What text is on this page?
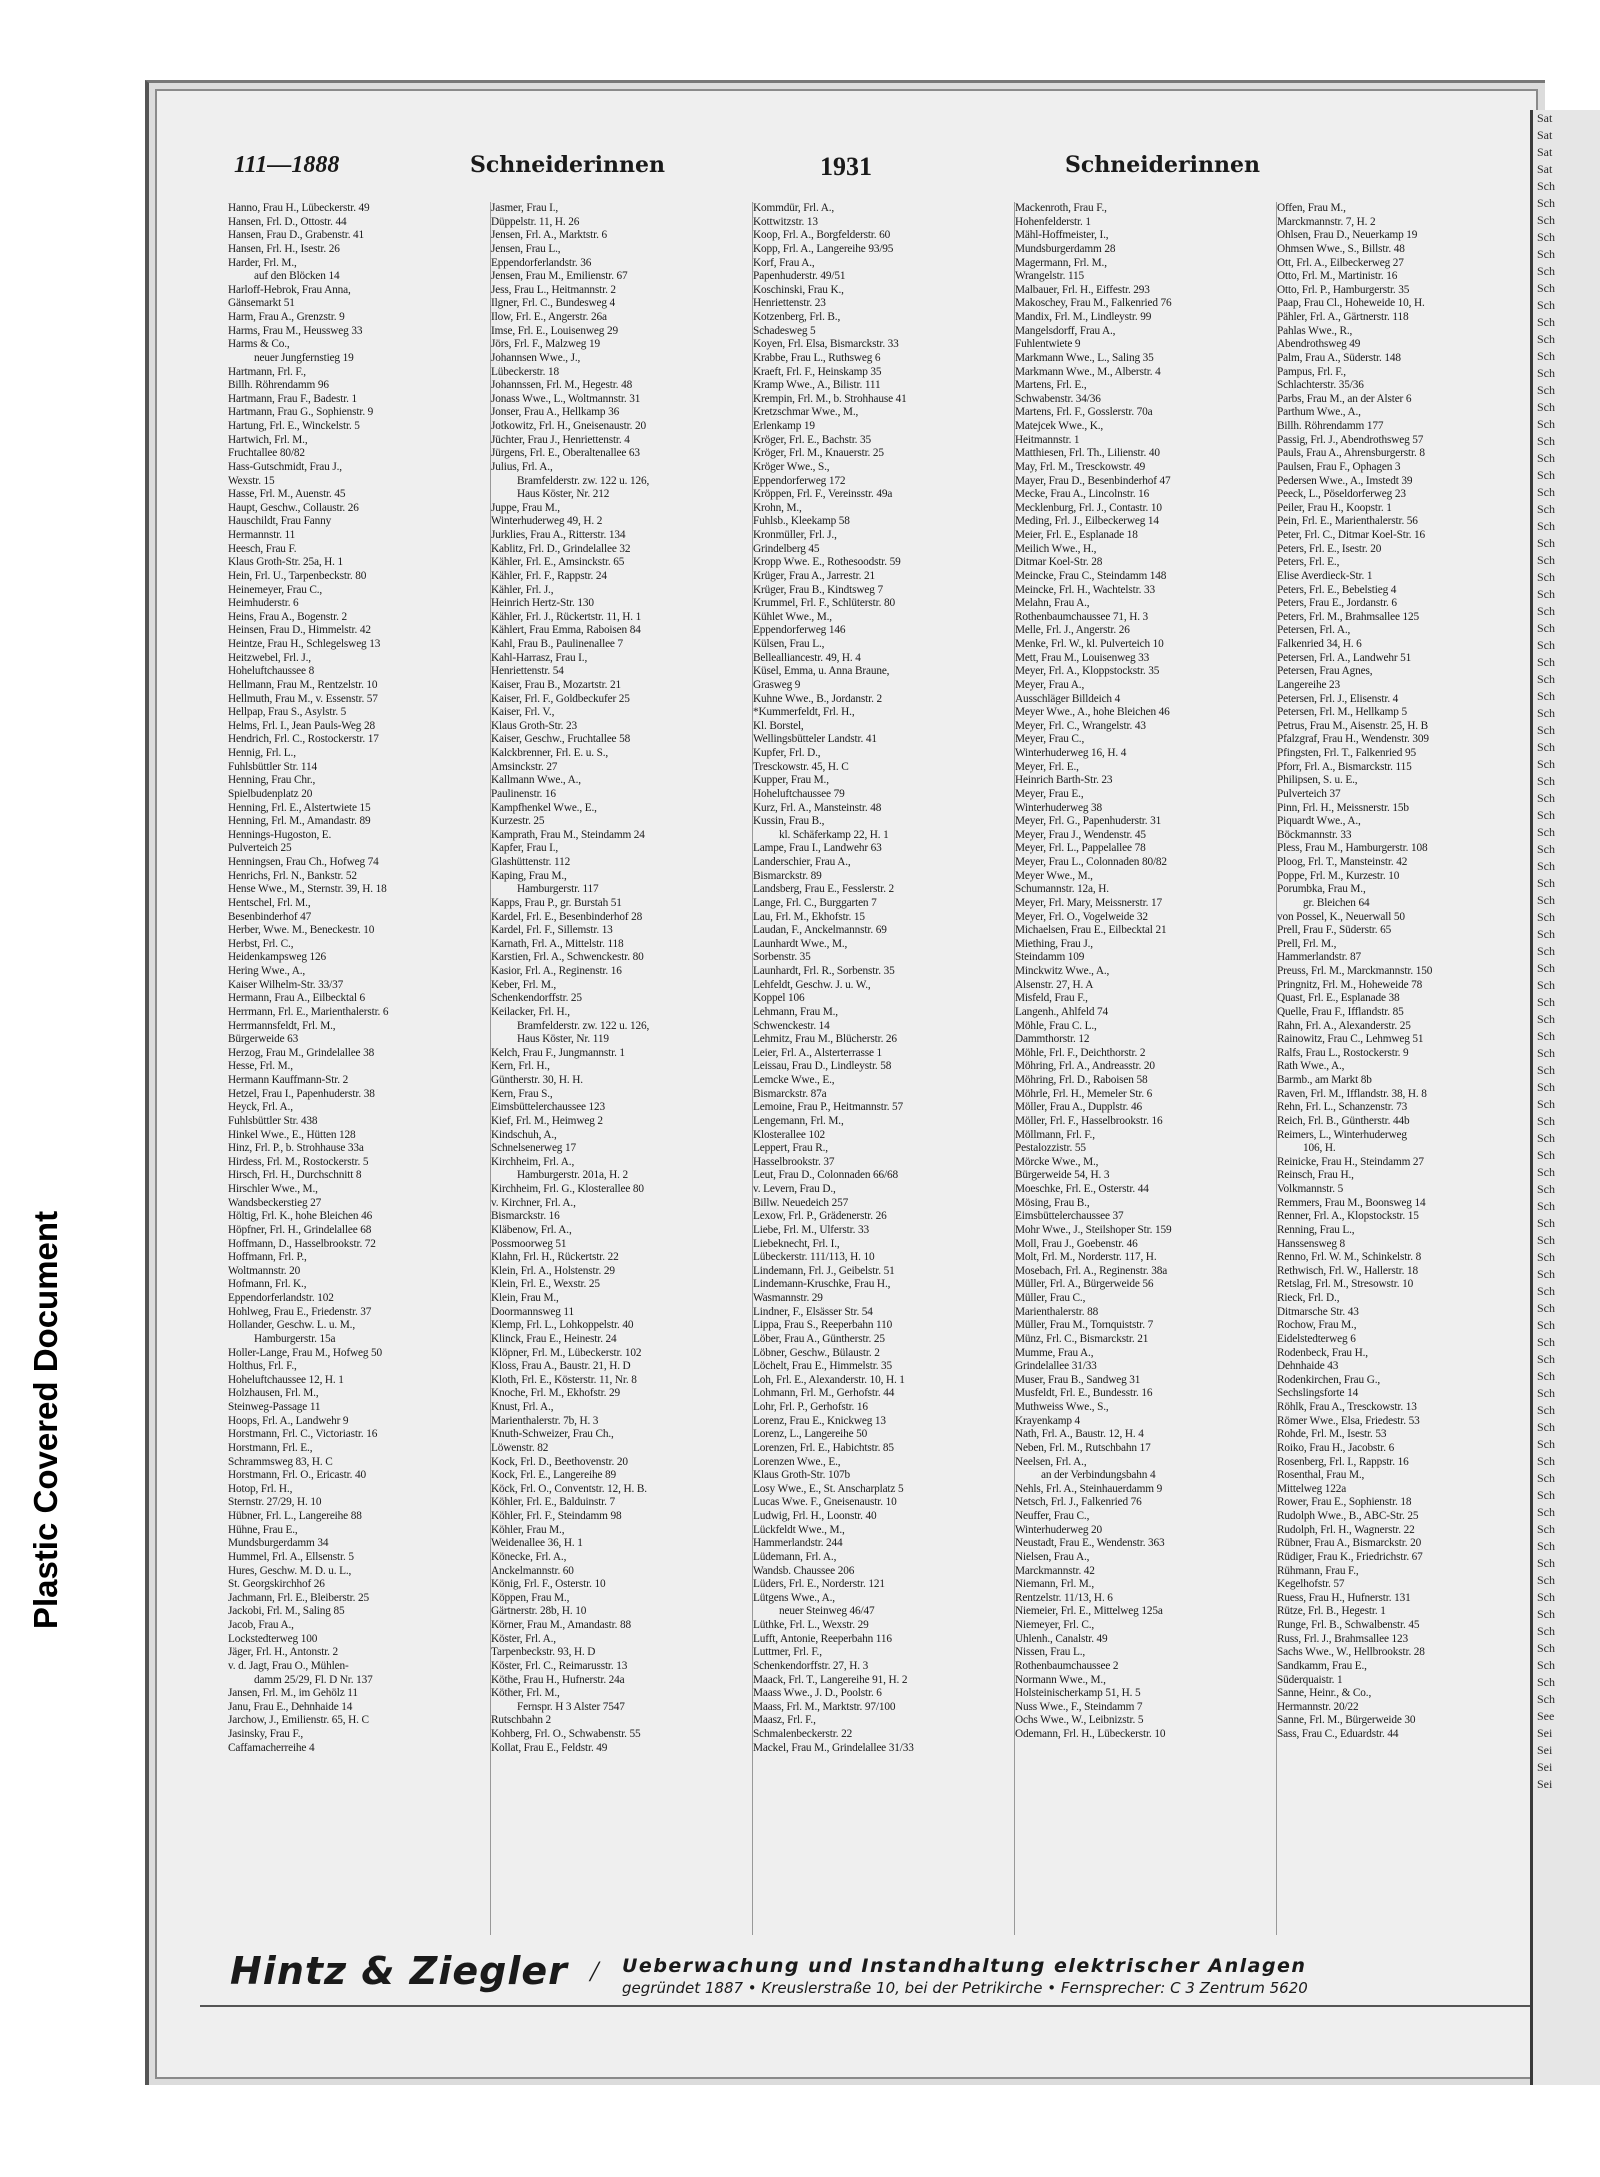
Plastic Covered Document
Sat
Sat
Sat
Sat
Sch
Sch
Sch
Sch
Sch
Sch
Sch
Sch
Sch
Sch
Sch
Sch
Sch
Sch
Sch
Sch
Sch
Sch
Sch
Sch
Sch
Sch
Sch
Sch
Sch
Sch
Sch
Sch
Sch
Sch
Sch
Sch
Sch
Sch
Sch
Sch
Sch
Sch
Sch
Sch
Sch
Sch
Sch
Sch
Sch
Sch
Sch
Sch
Sch
Sch
Sch
Sch
Sch
Sch
Sch
Sch
Sch
Sch
Sch
Sch
Sch
Sch
Sch
Sch
Sch
Sch
Sch
Sch
Sch
Sch
Sch
Sch
Sch
Sch
Sch
Sch
Sch
Sch
Sch
Sch
Sch
Sch
Sch
Sch
Sch
Sch
Sch
Sch
Sch
Sch
See
Sei
Sei
Sei
Sei
111—1888	Schneiderinnen	1931	Schneiderinnen
Hanno, Frau H., Lübeckerstr. 49
Hansen, Frl. D., Ottostr. 44
Hansen, Frau D., Grabenstr. 41
Hansen, Frl. H., Isestr. 26
Harder, Frl. M.,
auf den Blöcken 14
Harloff-Hebrok, Frau Anna,
Gänsemarkt 51
Harm, Frau A., Grenzstr. 9
Harms, Frau M., Heussweg 33
Harms & Co.,
neuer Jungfernstieg 19
Hartmann, Frl. F.,
Billh. Röhrendamm 96
Hartmann, Frau F., Badestr. 1
Hartmann, Frau G., Sophienstr. 9
Hartung, Frl. E., Winckelstr. 5
Hartwich, Frl. M.,
Fruchtallee 80/82
Hass-Gutschmidt, Frau J.,
Wexstr. 15
Hasse, Frl. M., Auenstr. 45
Haupt, Geschw., Collaustr. 26
Hauschildt, Frau Fanny
Hermannstr. 11
Heesch, Frau F.
Klaus Groth-Str. 25a, H. 1
Hein, Frl. U., Tarpenbeckstr. 80
Heinemeyer, Frau C.,
Heimhuderstr. 6
Heins, Frau A., Bogenstr. 2
Heinsen, Frau D., Himmelstr. 42
Heintze, Frau H., Schlegelsweg 13
Heitzwebel, Frl. J.,
Hoheluftchaussee 8
Hellmann, Frau M., Rentzelstr. 10
Hellmuth, Frau M., v. Essenstr. 57
Hellpap, Frau S., Asylstr. 5
Helms, Frl. I., Jean Pauls-Weg 28
Hendrich, Frl. C., Rostockerstr. 17
Hennig, Frl. L.,
Fuhlsbüttler Str. 114
Henning, Frau Chr.,
Spielbudenplatz 20
Henning, Frl. E., Alstertwiete 15
Henning, Frl. M., Amandastr. 89
Hennings-Hugoston, E.
Pulverteich 25
Henningsen, Frau Ch., Hofweg 74
Henrichs, Frl. N., Bankstr. 52
Hense Wwe., M., Sternstr. 39, H. 18
Hentschel, Frl. M.,
Besenbinderhof 47
Herber, Wwe. M., Beneckestr. 10
Herbst, Frl. C.,
Heidenkampsweg 126
Hering Wwe., A.,
Kaiser Wilhelm-Str. 33/37
Hermann, Frau A., Eilbecktal 6
Herrmann, Frl. E., Marienthalerstr. 6
Herrmannsfeldt, Frl. M.,
Bürgerweide 63
Herzog, Frau M., Grindelallee 38
Hesse, Frl. M.,
Hermann Kauffmann-Str. 2
Hetzel, Frau I., Papenhuderstr. 38
Heyck, Frl. A.,
Fuhlsbüttler Str. 438
Hinkel Wwe., E., Hütten 128
Hinz, Frl. P., b. Strohhause 33a
Hirdess, Frl. M., Rostockerstr. 5
Hirsch, Frl. H., Durchschnitt 8
Hirschler Wwe., M.,
Wandsbeckerstieg 27
Höltig, Frl. K., hohe Bleichen 46
Höpfner, Frl. H., Grindelallee 68
Hoffmann, D., Hasselbrookstr. 72
Hoffmann, Frl. P.,
Woltmannstr. 20
Hofmann, Frl. K.,
Eppendorferlandstr. 102
Hohlweg, Frau E., Friedenstr. 37
Hollander, Geschw. L. u. M.,
Hamburgerstr. 15a
Holler-Lange, Frau M., Hofweg 50
Holthus, Frl. F.,
Hoheluftchaussee 12, H. 1
Holzhausen, Frl. M.,
Steinweg-Passage 11
Hoops, Frl. A., Landwehr 9
Horstmann, Frl. C., Victoriastr. 16
Horstmann, Frl. E.,
Schrammsweg 83, H. C
Horstmann, Frl. O., Ericastr. 40
Hotop, Frl. H.,
Sternstr. 27/29, H. 10
Hübner, Frl. L., Langereihe 88
Hühne, Frau E.,
Mundsburgerdamm 34
Hummel, Frl. A., Ellsenstr. 5
Hures, Geschw. M. D. u. L.,
St. Georgskirchhof 26
Jachmann, Frl. E., Bleiberstr. 25
Jackobi, Frl. M., Saling 85
Jacob, Frau A.,
Lockstedterweg 100
Jäger, Frl. H., Antonstr. 2
v. d. Jagt, Frau O., Mühlen-
damm 25/29, Fl. D Nr. 137
Jansen, Frl. M., im Gehölz 11
Janu, Frau E., Dehnhaide 14
Jarchow, J., Emilienstr. 65, H. C
Jasinsky, Frau F.,
Caffamacherreihe 4
Jasmer, Frau I.,
Düppelstr. 11, H. 26
Jensen, Frl. A., Marktstr. 6
Jensen, Frau L.,
Eppendorferlandstr. 36
Jensen, Frau M., Emilienstr. 67
Jess, Frau L., Heitmannstr. 2
Ilgner, Frl. C., Bundesweg 4
Ilow, Frl. E., Angerstr. 26a
Imse, Frl. E., Louisenweg 29
Jörs, Frl. F., Malzweg 19
Johannsen Wwe., J.,
Lübeckerstr. 18
Johannssen, Frl. M., Hegestr. 48
Jonass Wwe., L., Woltmannstr. 31
Jonser, Frau A., Hellkamp 36
Jotkowitz, Frl. H., Gneisenaustr. 20
Jüchter, Frau J., Henriettenstr. 4
Jürgens, Frl. E., Oberaltenallee 63
Julius, Frl. A.,
Bramfelderstr. zw. 122 u. 126,
Haus Köster, Nr. 212
Juppe, Frau M.,
Winterhuderweg 49, H. 2
Jurklies, Frau A., Ritterstr. 134
Kablitz, Frl. D., Grindelallee 32
Kähler, Frl. E., Amsinckstr. 65
Kähler, Frl. F., Rappstr. 24
Kähler, Frl. J.,
Heinrich Hertz-Str. 130
Kähler, Frl. J., Rückertstr. 11, H. 1
Kählert, Frau Emma, Raboisen 84
Kahl, Frau B., Paulinenallee 7
Kahl-Harrasz, Frau I.,
Henriettenstr. 54
Kaiser, Frau B., Mozartstr. 21
Kaiser, Frl. F., Goldbeckufer 25
Kaiser, Frl. V.,
Klaus Groth-Str. 23
Kaiser, Geschw., Fruchtallee 58
Kalckbrenner, Frl. E. u. S.,
Amsinckstr. 27
Kallmann Wwe., A.,
Paulinenstr. 16
Kampfhenkel Wwe., E.,
Kurzestr. 25
Kamprath, Frau M., Steindamm 24
Kapfer, Frau I.,
Glashüttenstr. 112
Kaping, Frau M.,
Hamburgerstr. 117
Kapps, Frau P., gr. Burstah 51
Kardel, Frl. E., Besenbinderhof 28
Kardel, Frl. F., Sillemstr. 13
Karnath, Frl. A., Mittelstr. 118
Karstien, Frl. A., Schwenckestr. 80
Kasior, Frl. A., Reginenstr. 16
Keber, Frl. M.,
Schenkendorffstr. 25
Keilacker, Frl. H.,
Bramfelderstr. zw. 122 u. 126,
Haus Köster, Nr. 119
Kelch, Frau F., Jungmannstr. 1
Kern, Frl. H.,
Güntherstr. 30, H. H.
Kern, Frau S.,
Eimsbüttelerchaussee 123
Kief, Frl. M., Heimweg 2
Kindschuh, A.,
Schnelsenerweg 17
Kirchheim, Frl. A.,
Hamburgerstr. 201a, H. 2
Kirchheim, Frl. G., Klosterallee 80
v. Kirchner, Frl. A.,
Bismarckstr. 16
Kläbenow, Frl. A.,
Possmoorweg 51
Klahn, Frl. H., Rückertstr. 22
Klein, Frl. A., Holstenstr. 29
Klein, Frl. E., Wexstr. 25
Klein, Frau M.,
Doormannsweg 11
Klemp, Frl. L., Lohkoppelstr. 40
Klinck, Frau E., Heinestr. 24
Klöpner, Frl. M., Lübeckerstr. 102
Kloss, Frau A., Baustr. 21, H. D
Kloth, Frl. E., Kösterstr. 11, Nr. 8
Knoche, Frl. M., Ekhofstr. 29
Knust, Frl. A.,
Marienthalerstr. 7b, H. 3
Knuth-Schweizer, Frau Ch.,
Löwenstr. 82
Kock, Frl. D., Beethovenstr. 20
Kock, Frl. E., Langereihe 89
Köck, Frl. O., Conventstr. 12, H. B.
Köhler, Frl. E., Balduinstr. 7
Köhler, Frl. F., Steindamm 98
Köhler, Frau M.,
Weidenallee 36, H. 1
Könecke, Frl. A.,
Anckelmannstr. 60
König, Frl. F., Osterstr. 10
Köppen, Frau M.,
Gärtnerstr. 28b, H. 10
Körner, Frau M., Amandastr. 88
Köster, Frl. A.,
Tarpenbeckstr. 93, H. D
Köster, Frl. C., Reimarusstr. 13
Köthe, Frau H., Hufnerstr. 24a
Köther, Frl. M.,
Fernspr. H 3 Alster 7547
Rutschbahn 2
Kohberg, Frl. O., Schwabenstr. 55
Kollat, Frau E., Feldstr. 49
Kommdür, Frl. A.,
Kottwitzstr. 13
Koop, Frl. A., Borgfelderstr. 60
Kopp, Frl. A., Langereihe 93/95
Korf, Frau A.,
Papenhuderstr. 49/51
Koschinski, Frau K.,
Henriettenstr. 23
Kotzenberg, Frl. B.,
Schadesweg 5
Koyen, Frl. Elsa, Bismarckstr. 33
Krabbe, Frau L., Ruthsweg 6
Kraeft, Frl. F., Heinskamp 35
Kramp Wwe., A., Bilistr. 111
Krempin, Frl. M., b. Strohhause 41
Kretzschmar Wwe., M.,
Erlenkamp 19
Kröger, Frl. E., Bachstr. 35
Kröger, Frl. M., Knauerstr. 25
Kröger Wwe., S.,
Eppendorferweg 172
Kröppen, Frl. F., Vereinsstr. 49a
Krohn, M.,
Fuhlsb., Kleekamp 58
Kronmüller, Frl. J.,
Grindelberg 45
Kropp Wwe. E., Rothesoodstr. 59
Krüger, Frau A., Jarrestr. 21
Krüger, Frau B., Kindtsweg 7
Krummel, Frl. F., Schlüterstr. 80
Kühlet Wwe., M.,
Eppendorferweg 146
Külsen, Frau L.,
Bellealliancestr. 49, H. 4
Küsel, Emma, u. Anna Braune,
Grasweg 9
Kuhne Wwe., B., Jordanstr. 2
*Kummerfeldt, Frl. H.,
Kl. Borstel,
Wellingsbütteler Landstr. 41
Kupfer, Frl. D.,
Tresckowstr. 45, H. C
Kupper, Frau M.,
Hoheluftchaussee 79
Kurz, Frl. A., Mansteinstr. 48
Kussin, Frau B.,
kl. Schäferkamp 22, H. 1
Lampe, Frau I., Landwehr 63
Landerschier, Frau A.,
Bismarckstr. 89
Landsberg, Frau E., Fesslerstr. 2
Lange, Frl. C., Burggarten 7
Lau, Frl. M., Ekhofstr. 15
Laudan, F., Anckelmannstr. 69
Launhardt Wwe., M.,
Sorbenstr. 35
Launhardt, Frl. R., Sorbenstr. 35
Lehfeldt, Geschw. J. u. W.,
Koppel 106
Lehmann, Frau M.,
Schwenckestr. 14
Lehmitz, Frau M., Blücherstr. 26
Leier, Frl. A., Alsterterrasse 1
Leissau, Frau D., Lindleystr. 58
Lemcke Wwe., E.,
Bismarckstr. 87a
Lemoine, Frau P., Heitmannstr. 57
Lengemann, Frl. M.,
Klosterallee 102
Leppert, Frau R.,
Hasselbrookstr. 37
Leut, Frau D., Colonnaden 66/68
v. Levern, Frau D.,
Billw. Neuedeich 257
Lexow, Frl. P., Grädenerstr. 26
Liebe, Frl. M., Ulferstr. 33
Liebeknecht, Frl. I.,
Lübeckerstr. 111/113, H. 10
Lindemann, Frl. J., Geibelstr. 51
Lindemann-Kruschke, Frau H.,
Wasmannstr. 29
Lindner, F., Elsässer Str. 54
Lippa, Frau S., Reeperbahn 110
Löber, Frau A., Güntherstr. 25
Löbner, Geschw., Bülaustr. 2
Löchelt, Frau E., Himmelstr. 35
Loh, Frl. E., Alexanderstr. 10, H. 1
Lohmann, Frl. M., Gerhofstr. 44
Lohr, Frl. P., Gerhofstr. 16
Lorenz, Frau E., Knickweg 13
Lorenz, L., Langereihe 50
Lorenzen, Frl. E., Habichtstr. 85
Lorenzen Wwe., E.,
Klaus Groth-Str. 107b
Losy Wwe., E., St. Anscharplatz 5
Lucas Wwe. F., Gneisenaustr. 10
Ludwig, Frl. H., Loonstr. 40
Lückfeldt Wwe., M.,
Hammerlandstr. 244
Lüdemann, Frl. A.,
Wandsb. Chaussee 206
Lüders, Frl. E., Norderstr. 121
Lütgens Wwe., A.,
neuer Steinweg 46/47
Lüthke, Frl. L., Wexstr. 29
Lufft, Antonie, Reeperbahn 116
Luttmer, Frl. F.,
Schenkendorffstr. 27, H. 3
Maack, Frl. T., Langereihe 91, H. 2
Maass Wwe., J. D., Poolstr. 6
Maass, Frl. M., Marktstr. 97/100
Maasz, Frl. F.,
Schmalenbeckerstr. 22
Mackel, Frau M., Grindelallee 31/33
Mackenroth, Frau F.,
Hohenfelderstr. 1
Mähl-Hoffmeister, I.,
Mundsburgerdamm 28
Magermann, Frl. M.,
Wrangelstr. 115
Malbauer, Frl. H., Eiffestr. 293
Makoschey, Frau M., Falkenried 76
Mandix, Frl. M., Lindleystr. 99
Mangelsdorff, Frau A.,
Fuhlentwiete 9
Markmann Wwe., L., Saling 35
Markmann Wwe., M., Alberstr. 4
Martens, Frl. E.,
Schwabenstr. 34/36
Martens, Frl. F., Gosslerstr. 70a
Matejcek Wwe., K.,
Heitmannstr. 1
Matthiesen, Frl. Th., Lilienstr. 40
May, Frl. M., Tresckowstr. 49
Mayer, Frau D., Besenbinderhof 47
Mecke, Frau A., Lincolnstr. 16
Mecklenburg, Frl. J., Contastr. 10
Meding, Frl. J., Eilbeckerweg 14
Meier, Frl. E., Esplanade 18
Meilich Wwe., H.,
Ditmar Koel-Str. 28
Meincke, Frau C., Steindamm 148
Meincke, Frl. H., Wachtelstr. 33
Melahn, Frau A.,
Rothenbaumchaussee 71, H. 3
Melle, Frl. J., Angerstr. 26
Menke, Frl. W., kl. Pulverteich 10
Mett, Frau M., Louisenweg 33
Meyer, Frl. A., Kloppstockstr. 35
Meyer, Frau A.,
Ausschläger Billdeich 4
Meyer Wwe., A., hohe Bleichen 46
Meyer, Frl. C., Wrangelstr. 43
Meyer, Frau C.,
Winterhuderweg 16, H. 4
Meyer, Frl. E.,
Heinrich Barth-Str. 23
Meyer, Frau E.,
Winterhuderweg 38
Meyer, Frl. G., Papenhuderstr. 31
Meyer, Frau J., Wendenstr. 45
Meyer, Frl. L., Pappelallee 78
Meyer, Frau L., Colonnaden 80/82
Meyer Wwe., M.,
Schumannstr. 12a, H.
Meyer, Frl. Mary, Meissnerstr. 17
Meyer, Frl. O., Vogelweide 32
Michaelsen, Frau E., Eilbecktal 21
Miething, Frau J.,
Steindamm 109
Minckwitz Wwe., A.,
Alsenstr. 27, H. A
Misfeld, Frau F.,
Langenh., Ahlfeld 74
Möhle, Frau C. L.,
Dammthorstr. 12
Möhle, Frl. F., Deichthorstr. 2
Möhring, Frl. A., Andreasstr. 20
Möhring, Frl. D., Raboisen 58
Möhrle, Frl. H., Memeler Str. 6
Möller, Frau A., Dupplstr. 46
Möller, Frl. F., Hasselbrookstr. 16
Möllmann, Frl. F.,
Pestalozzistr. 55
Mörcke Wwe., M.,
Bürgerweide 54, H. 3
Moeschke, Frl. E., Osterstr. 44
Mösing, Frau B.,
Eimsbüttelerchaussee 37
Mohr Wwe., J., Steilshoper Str. 159
Moll, Frau J., Goebenstr. 46
Molt, Frl. M., Norderstr. 117, H.
Mosebach, Frl. A., Reginenstr. 38a
Müller, Frl. A., Bürgerweide 56
Müller, Frau C.,
Marienthalerstr. 88
Müller, Frau M., Tornquiststr. 7
Münz, Frl. C., Bismarckstr. 21
Mumme, Frau A.,
Grindelallee 31/33
Muser, Frau B., Sandweg 31
Musfeldt, Frl. E., Bundesstr. 16
Muthweiss Wwe., S.,
Krayenkamp 4
Nath, Frl. A., Baustr. 12, H. 4
Neben, Frl. M., Rutschbahn 17
Neelsen, Frl. A.,
an der Verbindungsbahn 4
Nehls, Frl. A., Steinhauerdamm 9
Netsch, Frl. J., Falkenried 76
Neuffer, Frau C.,
Winterhuderweg 20
Neustadt, Frau E., Wendenstr. 363
Nielsen, Frau A.,
Marckmannstr. 42
Niemann, Frl. M.,
Rentzelstr. 11/13, H. 6
Niemeier, Frl. E., Mittelweg 125a
Niemeyer, Frl. C.,
Uhlenh., Canalstr. 49
Nissen, Frau L.,
Rothenbaumchaussee 2
Normann Wwe., M.,
Holsteinischerkamp 51, H. 5
Nuss Wwe., F., Steindamm 7
Ochs Wwe., W., Leibnizstr. 5
Odemann, Frl. H., Lübeckerstr. 10
Offen, Frau M.,
Marckmannstr. 7, H. 2
Ohlsen, Frau D., Neuerkamp 19
Ohmsen Wwe., S., Billstr. 48
Ott, Frl. A., Eilbeckerweg 27
Otto, Frl. M., Martinistr. 16
Otto, Frl. P., Hamburgerstr. 35
Paap, Frau Cl., Hoheweide 10, H.
Pähler, Frl. A., Gärtnerstr. 118
Pahlas Wwe., R.,
Abendrothsweg 49
Palm, Frau A., Süderstr. 148
Pampus, Frl. F.,
Schlachterstr. 35/36
Parbs, Frau M., an der Alster 6
Parthum Wwe., A.,
Billh. Röhrendamm 177
Passig, Frl. J., Abendrothsweg 57
Pauls, Frau A., Ahrensburgerstr. 8
Paulsen, Frau F., Ophagen 3
Pedersen Wwe., A., Imstedt 39
Peeck, L., Pöseldorferweg 23
Peiler, Frau H., Koopstr. 1
Pein, Frl. E., Marienthalerstr. 56
Peter, Frl. C., Ditmar Koel-Str. 16
Peters, Frl. E., Isestr. 20
Peters, Frl. E.,
Elise Averdieck-Str. 1
Peters, Frl. E., Bebelstieg 4
Peters, Frau E., Jordanstr. 6
Peters, Frl. M., Brahmsallee 125
Petersen, Frl. A.,
Falkenried 34, H. 6
Petersen, Frl. A., Landwehr 51
Petersen, Frau Agnes,
Langereihe 23
Petersen, Frl. J., Elisenstr. 4
Petersen, Frl. M., Hellkamp 5
Petrus, Frau M., Aisenstr. 25, H. B
Pfalzgraf, Frau H., Wendenstr. 309
Pfingsten, Frl. T., Falkenried 95
Pforr, Frl. A., Bismarckstr. 115
Philipsen, S. u. E.,
Pulverteich 37
Pinn, Frl. H., Meissnerstr. 15b
Piquardt Wwe., A.,
Böckmannstr. 33
Pless, Frau M., Hamburgerstr. 108
Ploog, Frl. T., Mansteinstr. 42
Poppe, Frl. M., Kurzestr. 10
Porumbka, Frau M.,
gr. Bleichen 64
von Possel, K., Neuerwall 50
Prell, Frau F., Süderstr. 65
Prell, Frl. M.,
Hammerlandstr. 87
Preuss, Frl. M., Marckmannstr. 150
Pringnitz, Frl. M., Hoheweide 78
Quast, Frl. E., Esplanade 38
Quelle, Frau F., Ifflandstr. 85
Rahn, Frl. A., Alexanderstr. 25
Rainowitz, Frau C., Lehmweg 51
Ralfs, Frau L., Rostockerstr. 9
Rath Wwe., A.,
Barmb., am Markt 8b
Raven, Frl. M., Ifflandstr. 38, H. 8
Rehn, Frl. L., Schanzenstr. 73
Reich, Frl. B., Güntherstr. 44b
Reimers, L., Winterhuderweg
106, H.
Reinicke, Frau H., Steindamm 27
Reinsch, Frau H.,
Volkmannstr. 5
Remmers, Frau M., Boonsweg 14
Renner, Frl. A., Klopstockstr. 15
Renning, Frau L.,
Hanssensweg 8
Renno, Frl. W. M., Schinkelstr. 8
Rethwisch, Frl. W., Hallerstr. 18
Retslag, Frl. M., Stresowstr. 10
Rieck, Frl. D.,
Ditmarsche Str. 43
Rochow, Frau M.,
Eidelstedterweg 6
Rodenbeck, Frau H.,
Dehnhaide 43
Rodenkirchen, Frau G.,
Sechslingsforte 14
Röhlk, Frau A., Tresckowstr. 13
Römer Wwe., Elsa, Friedestr. 53
Rohde, Frl. M., Isestr. 53
Roiko, Frau H., Jacobstr. 6
Rosenberg, Frl. I., Rappstr. 16
Rosenthal, Frau M.,
Mittelweg 122a
Rower, Frau E., Sophienstr. 18
Rudolph Wwe., B., ABC-Str. 25
Rudolph, Frl. H., Wagnerstr. 22
Rübner, Frau A., Bismarckstr. 20
Rüdiger, Frau K., Friedrichstr. 67
Rühmann, Frau F.,
Kegelhofstr. 57
Ruess, Frau H., Hufnerstr. 131
Rütze, Frl. B., Hegestr. 1
Runge, Frl. B., Schwalbenstr. 45
Russ, Frl. J., Brahmsallee 123
Sachs Wwe., W., Hellbrookstr. 28
Sandkamm, Frau E.,
Süderquaistr. 1
Sanne, Heinr., & Co.,
Hermannstr. 20/22
Sanne, Frl. M., Bürgerweide 30
Sass, Frau C., Eduardstr. 44
Hintz & Ziegler / Ueberwachung und Instandhaltung elektrischer Anlagen
gegründet 1887 • Kreuslerstraße 10, bei der Petrikirche • Fernsprecher: C 3 Zentrum 5620
